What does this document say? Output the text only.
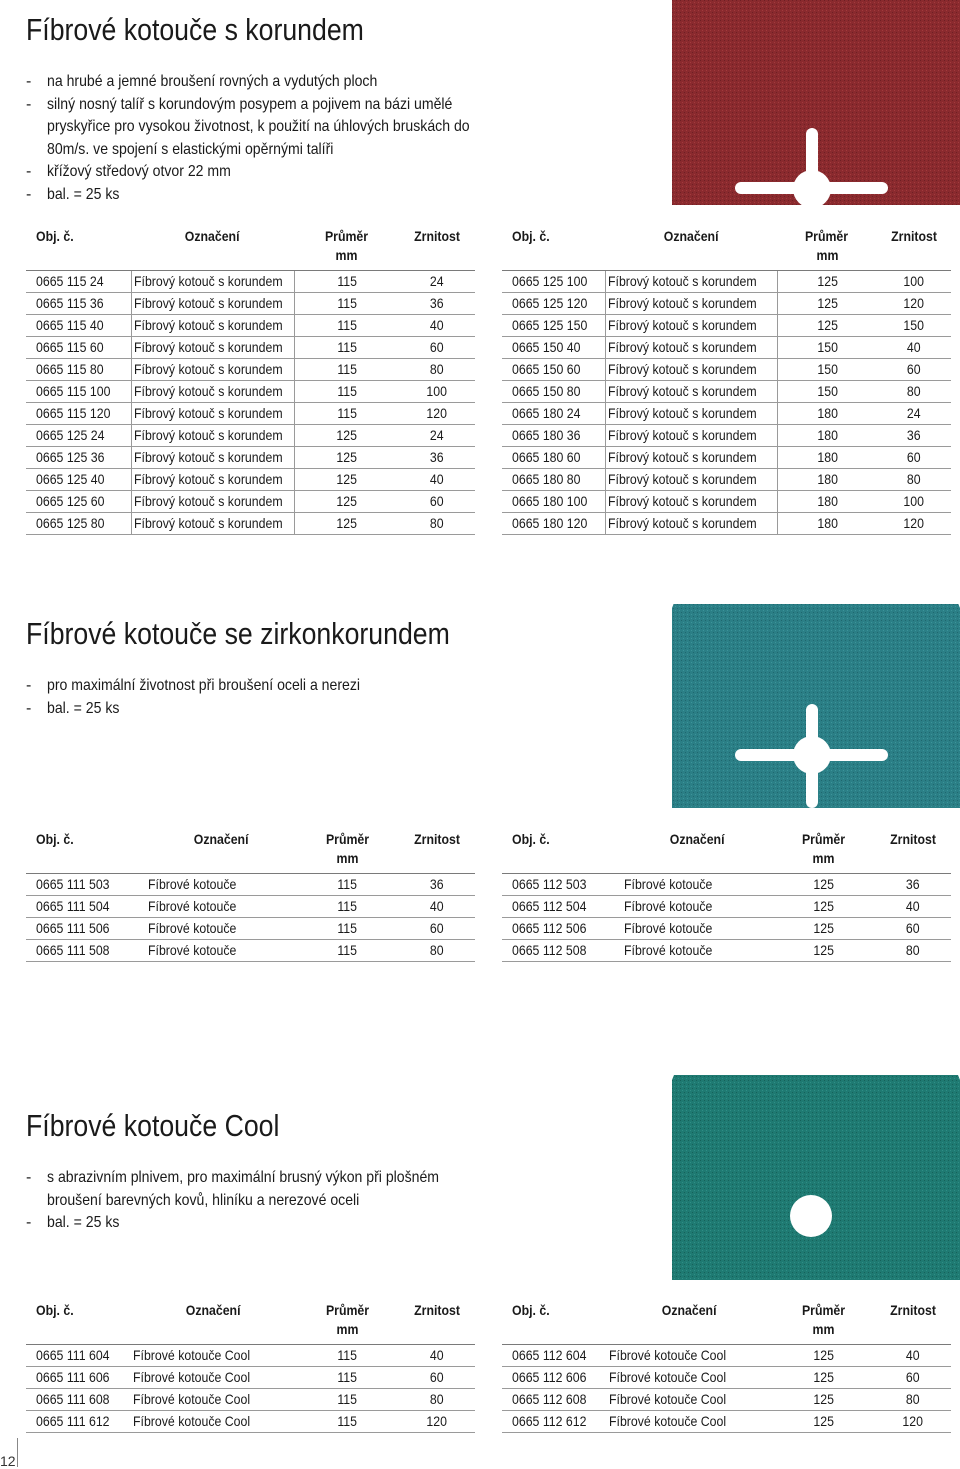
Fíbrové kotouče s korundem
- na hrubé a jemné broušení rovných a vydutých ploch
- silný nosný talíř s korundovým posypem a pojivem na bázi umělé pryskyřice pro vysokou životnost, k použití na úhlových bruskách do 80m/s. ve spojení s elastickými opěrnými talíři
- křížový středový otvor 22 mm
- bal. = 25 ks
Obj. č.	Označení	Průměr
mm	Zrnitost
0665 115 24	Fíbrový kotouč s korundem	115	24
0665 115 36	Fíbrový kotouč s korundem	115	36
0665 115 40	Fíbrový kotouč s korundem	115	40
0665 115 60	Fíbrový kotouč s korundem	115	60
0665 115 80	Fíbrový kotouč s korundem	115	80
0665 115 100	Fíbrový kotouč s korundem	115	100
0665 115 120	Fíbrový kotouč s korundem	115	120
0665 125 24	Fíbrový kotouč s korundem	125	24
0665 125 36	Fíbrový kotouč s korundem	125	36
0665 125 40	Fíbrový kotouč s korundem	125	40
0665 125 60	Fíbrový kotouč s korundem	125	60
0665 125 80	Fíbrový kotouč s korundem	125	80
Obj. č.	Označení	Průměr
mm	Zrnitost
0665 125 100	Fíbrový kotouč s korundem	125	100
0665 125 120	Fíbrový kotouč s korundem	125	120
0665 125 150	Fíbrový kotouč s korundem	125	150
0665 150 40	Fíbrový kotouč s korundem	150	40
0665 150 60	Fíbrový kotouč s korundem	150	60
0665 150 80	Fíbrový kotouč s korundem	150	80
0665 180 24	Fíbrový kotouč s korundem	180	24
0665 180 36	Fíbrový kotouč s korundem	180	36
0665 180 60	Fíbrový kotouč s korundem	180	60
0665 180 80	Fíbrový kotouč s korundem	180	80
0665 180 100	Fíbrový kotouč s korundem	180	100
0665 180 120	Fíbrový kotouč s korundem	180	120
Fíbrové kotouče se zirkonkorundem
- pro maximální životnost při broušení oceli a nerezi
- bal. = 25 ks
Obj. č.	Označení	Průměr
mm	Zrnitost
0665 111 503	Fíbrové kotouče	115	36
0665 111 504	Fíbrové kotouče	115	40
0665 111 506	Fíbrové kotouče	115	60
0665 111 508	Fíbrové kotouče	115	80
Obj. č.	Označení	Průměr
mm	Zrnitost
0665 112 503	Fíbrové kotouče	125	36
0665 112 504	Fíbrové kotouče	125	40
0665 112 506	Fíbrové kotouče	125	60
0665 112 508	Fíbrové kotouče	125	80
Fíbrové kotouče Cool
- s abrazivním plnivem, pro maximální brusný výkon při plošném broušení barevných kovů, hliníku a nerezové oceli
- bal. = 25 ks
Obj. č.	Označení	Průměr
mm	Zrnitost
0665 111 604	Fíbrové kotouče Cool	115	40
0665 111 606	Fíbrové kotouče Cool	115	60
0665 111 608	Fíbrové kotouče Cool	115	80
0665 111 612	Fíbrové kotouče Cool	115	120
Obj. č.	Označení	Průměr
mm	Zrnitost
0665 112 604	Fíbrové kotouče Cool	125	40
0665 112 606	Fíbrové kotouče Cool	125	60
0665 112 608	Fíbrové kotouče Cool	125	80
0665 112 612	Fíbrové kotouče Cool	125	120
12
